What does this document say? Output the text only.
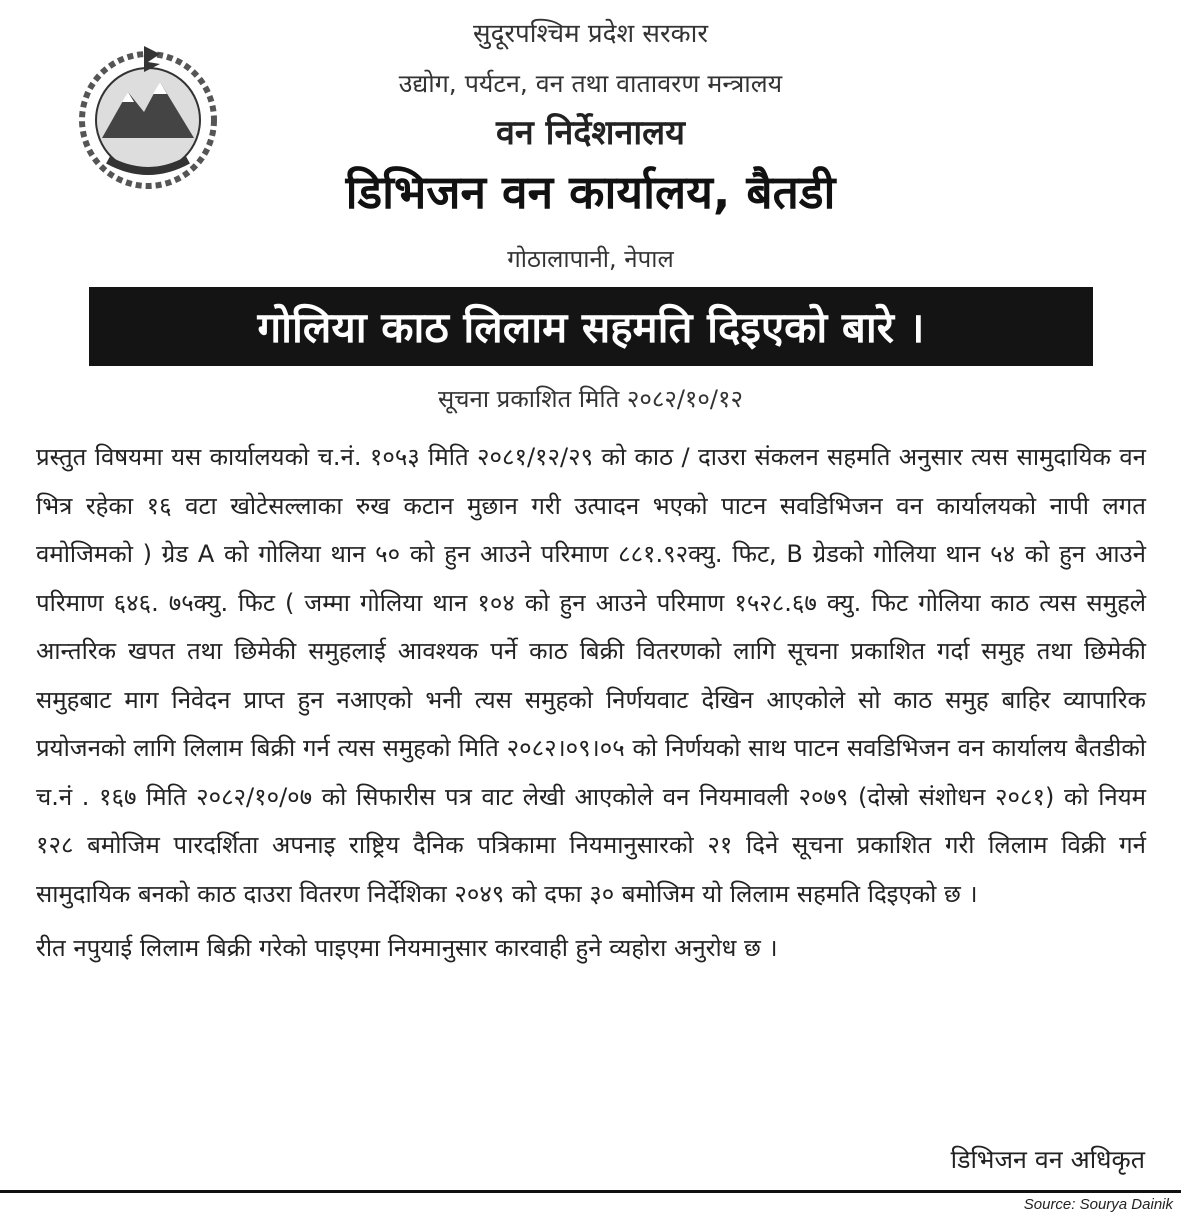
सुदूरपश्चिम प्रदेश सरकार
उद्योग, पर्यटन, वन तथा वातावरण मन्त्रालय
वन निर्देशनालय
डिभिजन वन कार्यालय, बैतडी
गोठालापानी, नेपाल
गोलिया काठ लिलाम सहमति दिइएको बारे ।
सूचना प्रकाशित मिति २०८२/१०/१२

प्रस्तुत विषयमा यस कार्यालयको च.नं. १०५३ मिति २०८१/१२/२९ को काठ / दाउरा संकलन सहमति अनुसार त्यस सामुदायिक वन भित्र रहेका १६ वटा खोटेसल्लाका रुख कटान मुछान गरी उत्पादन भएको पाटन सवडिभिजन वन कार्यालयको नापी लगत वमोजिमको ) ग्रेड A को गोलिया थान ५० को हुन आउने परिमाण ८८१.९२क्यु. फिट, B ग्रेडको गोलिया थान ५४ को हुन आउने परिमाण ६४६. ७५क्यु. फिट ( जम्मा गोलिया थान १०४ को हुन आउने परिमाण १५२८.६७ क्यु. फिट गोलिया काठ त्यस समुहले आन्तरिक खपत तथा छिमेकी समुहलाई आवश्यक पर्ने काठ बिक्री वितरणको लागि सूचना प्रकाशित गर्दा समुह तथा छिमेकी समुहबाट माग निवेदन प्राप्त हुन नआएको भनी त्यस समुहको निर्णयवाट देखिन आएकोले सो काठ समुह बाहिर व्यापारिक प्रयोजनको लागि लिलाम बिक्री गर्न त्यस समुहको मिति २०८२।०९।०५ को निर्णयको साथ पाटन सवडिभिजन वन कार्यालय बैतडीको च.नं . १६७ मिति २०८२/१०/०७ को सिफारीस पत्र वाट लेखी आएकोले वन नियमावली २०७९ (दोस्रो संशोधन २०८१) को नियम १२८ बमोजिम पारदर्शिता अपनाइ राष्ट्रिय दैनिक पत्रिकामा नियमानुसारको २१ दिने सूचना प्रकाशित गरी लिलाम विक्री गर्न सामुदायिक बनको काठ दाउरा वितरण निर्देशिका २०४९ को दफा ३० बमोजिम यो लिलाम सहमति दिइएको छ ।

रीत नपुयाई लिलाम बिक्री गरेको पाइएमा नियमानुसार कारवाही हुने व्यहोरा अनुरोध छ ।

डिभिजन वन अधिकृत
Source: Sourya Dainik
